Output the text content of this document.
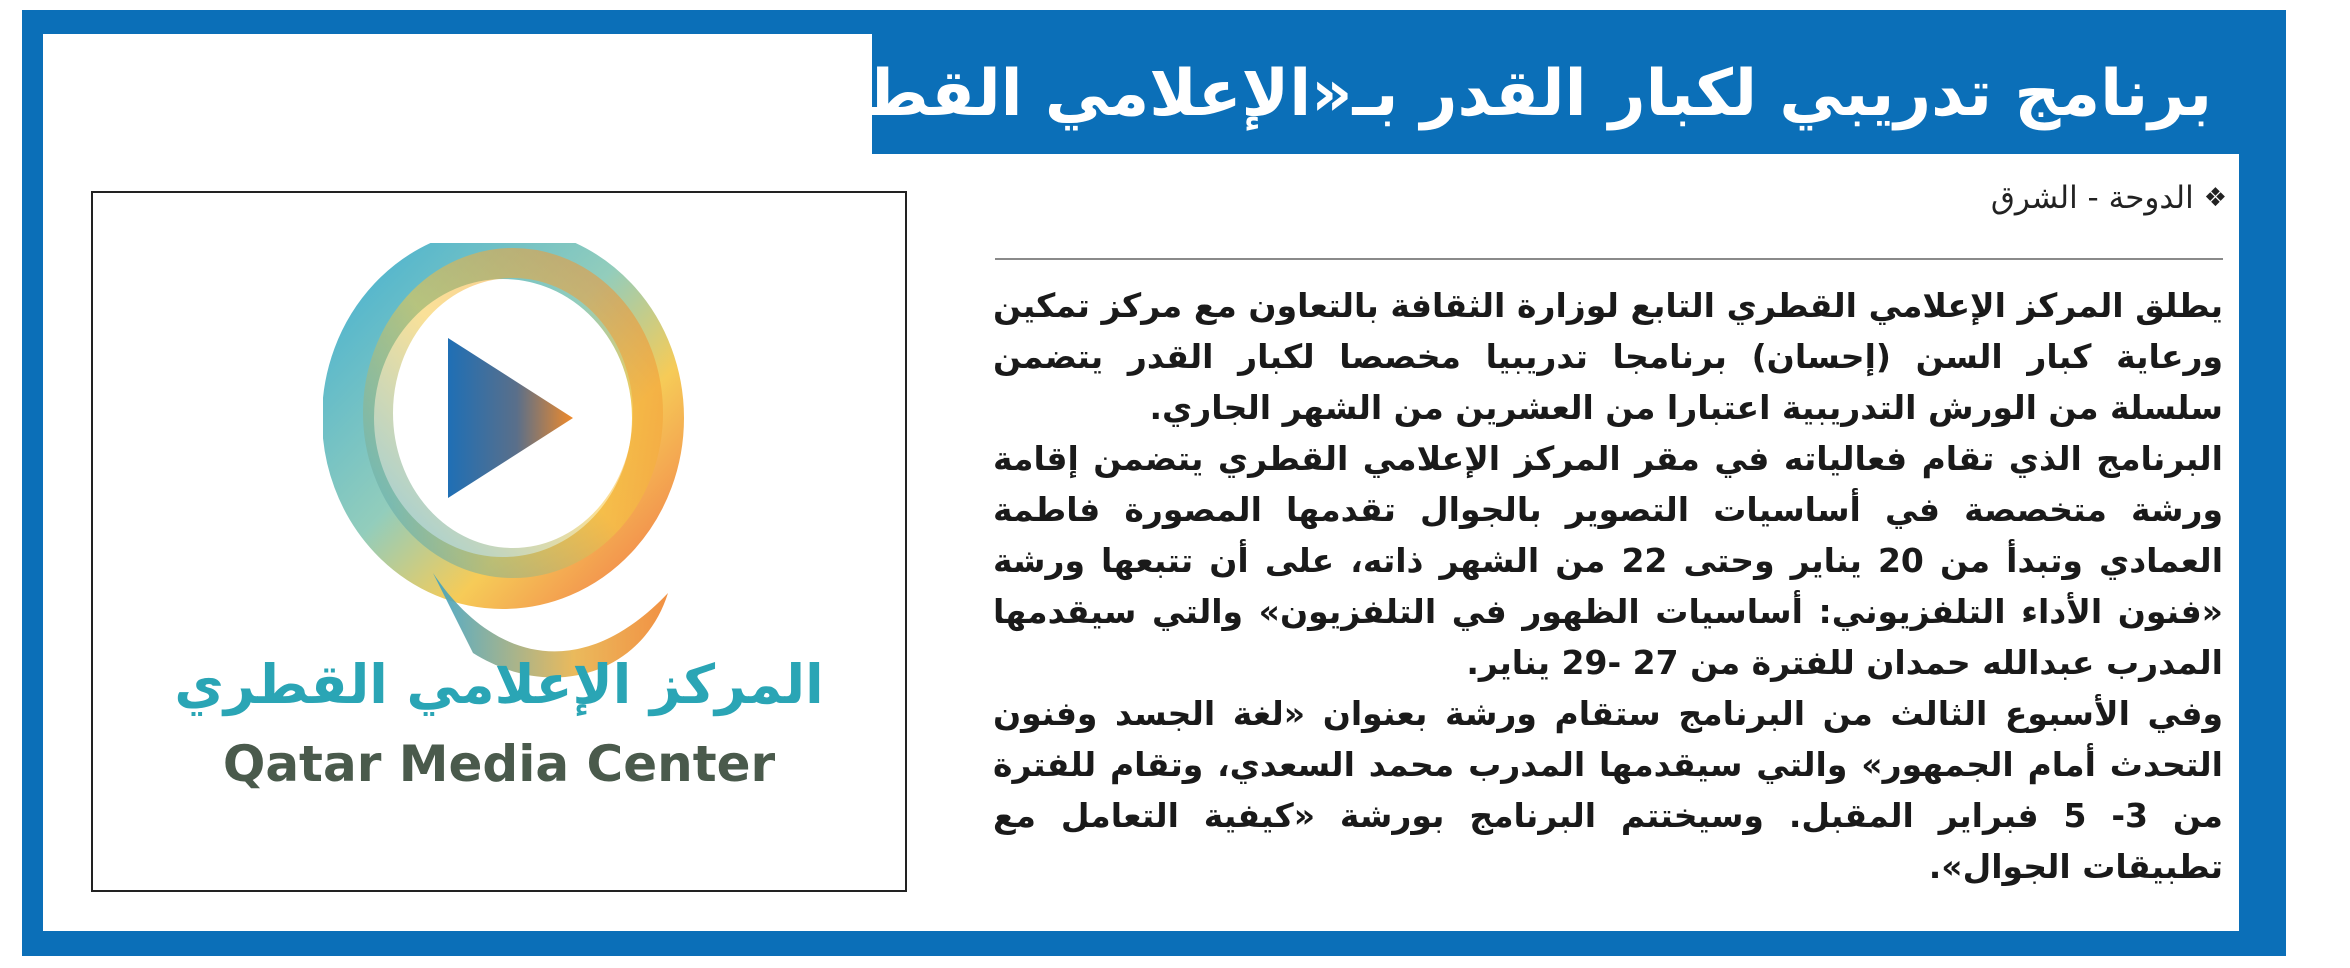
برنامج تدريبي لكبار القدر بـ«الإعلامي القطري»
❖
الدوحة - الشرق

يطلق المركز الإعلامي القطري التابع لوزارة الثقافة بالتعاون مع مركز تمكين ورعاية كبار السن (إحسان) برنامجا تدريبيا مخصصا لكبار القدر يتضمن سلسلة من الورش التدريبية اعتبارا من العشرين من الشهر الجاري.

البرنامج الذي تقام فعالياته في مقر المركز الإعلامي القطري يتضمن إقامة ورشة متخصصة في أساسيات التصوير بالجوال تقدمها المصورة فاطمة العمادي وتبدأ من 20 يناير وحتى 22 من الشهر ذاته، على أن تتبعها ورشة «فنون الأداء التلفزيوني: أساسيات الظهور في التلفزيون» والتي سيقدمها المدرب عبدالله حمدان للفترة من 27 -29 يناير.

وفي الأسبوع الثالث من البرنامج ستقام ورشة بعنوان «لغة الجسد وفنون التحدث أمام الجمهور» والتي سيقدمها المدرب محمد السعدي، وتقام للفترة من 3- 5 فبراير المقبل. وسيختتم البرنامج بورشة «كيفية التعامل مع تطبيقات الجوال».

المركز الإعلامي القطري
Qatar Media Center
